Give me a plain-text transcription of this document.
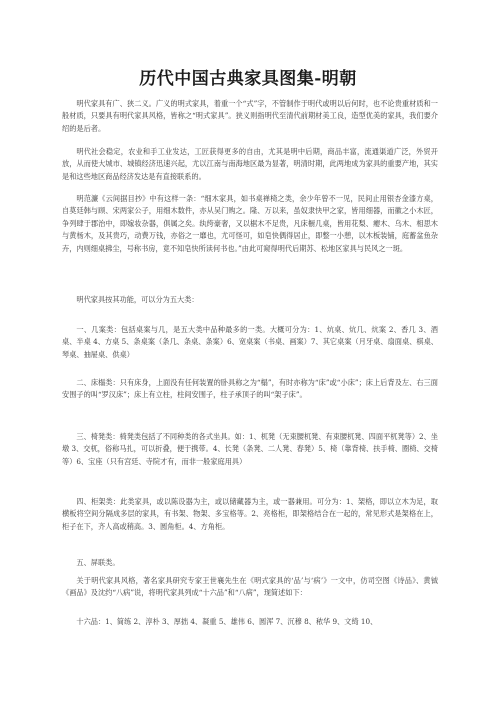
历代中国古典家具图集-明朝

明代家具有广、狭二义。广义的明式家具，着重一个“式”字，不管制作于明代或明以后何时，也不论贵重材质和一般材质，只要具有明代家具风格，皆称之“明式家具”。狭义则指明代至清代前期材美工良，造型优美的家具，我们要介绍的是后者。

明代社会稳定，农业和手工业发达，工匠获得更多的自由，尤其是明中后期，商品丰富，流通渠道广泛，外贸开放，从而使大城市、城镇经济迅速兴起，尤以江南与南海地区最为显著，明清时期，此两地成为家具的重要产地，其实是和这些地区商品经济发达是有直接联系的。

明范濂《云间据目抄》中有这样一条：“细木家具，如书桌禅椅之类，余少年曾不一见，民间止用银杏金漆方桌，自莫廷韩与顾、宋两家公子，用细木数件，亦从吴门购之。隆、万以来，虽奴隶快甲之家，皆用细器，而徽之小木匠，争列肆于郡治中，即嫁妆杂器，俱属之矣。纨绔豪奢，又以椐木不足贵，凡床橱几桌，皆用花梨、瘿木、乌木、相思木与黄杨木，及其贵巧，动费万钱，亦俗之一靡也，尤可怪可，如皂快偶得居止，即整一小憩，以木板装铺，庭蓄盆鱼杂卉，内则细桌拂尘，号称书房，竟不知皂快所读何书也。”由此可窥得明代后期苏、松地区家具与民风之一斑。

明代家具按其功能，可以分为五大类：

一、几案类：包括桌案与几，是五大类中品种最多的一类。大概可分为：1、炕桌、炕几、炕案 2、香几 3、酒桌、半桌 4、方桌 5、条桌案（条几、条桌、条案）6、宽桌案（书桌、画案）7、其它桌案（月牙桌、扇面桌、棋桌、琴桌、抽屉桌、供桌）

二、床榻类：只有床身，上面没有任何装置的卧具称之为“榻”，有时亦称为“床”或“小床”；床上后背及左、右三面安围子的叫“罗汉床”；床上有立柱，柱间安围子，柱子承顶子的叫“架子床”。

三、椅凳类：椅凳类包括了不同种类的各式坐具。如：1、杌凳（无束腰杌凳、有束腰杌凳、四面平杌凳等）2、坐墩 3、交杌，俗称马扎，可以折叠，便于携带。4、长凳（条凳、二人凳、春凳）5、椅（靠背椅、扶手椅、圈椅、交椅等）6、宝座（只有宫廷、寺院才有，而非一般家庭用具）

四、柜架类：此类家具，或以陈设器为主，或以储藏器为主，或一器兼用。可分为：1、架格，即以立木为足，取横板将空间分隔成多层的家具，有书架、物架、多宝格等。2、亮格柜，即架格结合在一起的，常见形式是架格在上，柜子在下，齐人高或稍高。3、圆角柜。4、方角柜。

五、屏联类。

关于明代家具风格，著名家具研究专家王世襄先生在《明式家具的‘品’与‘病’》一文中，仿司空图《诗品》、黄钺《画品》及沈约“八病”说，将明代家具列成“十六品”和“八病”，现简述如下：

十六品：1、简练 2、淳朴 3、厚拙 4、凝重 5、雄伟 6、圆浑 7、沉穆 8、秾华 9、文绮 10、
